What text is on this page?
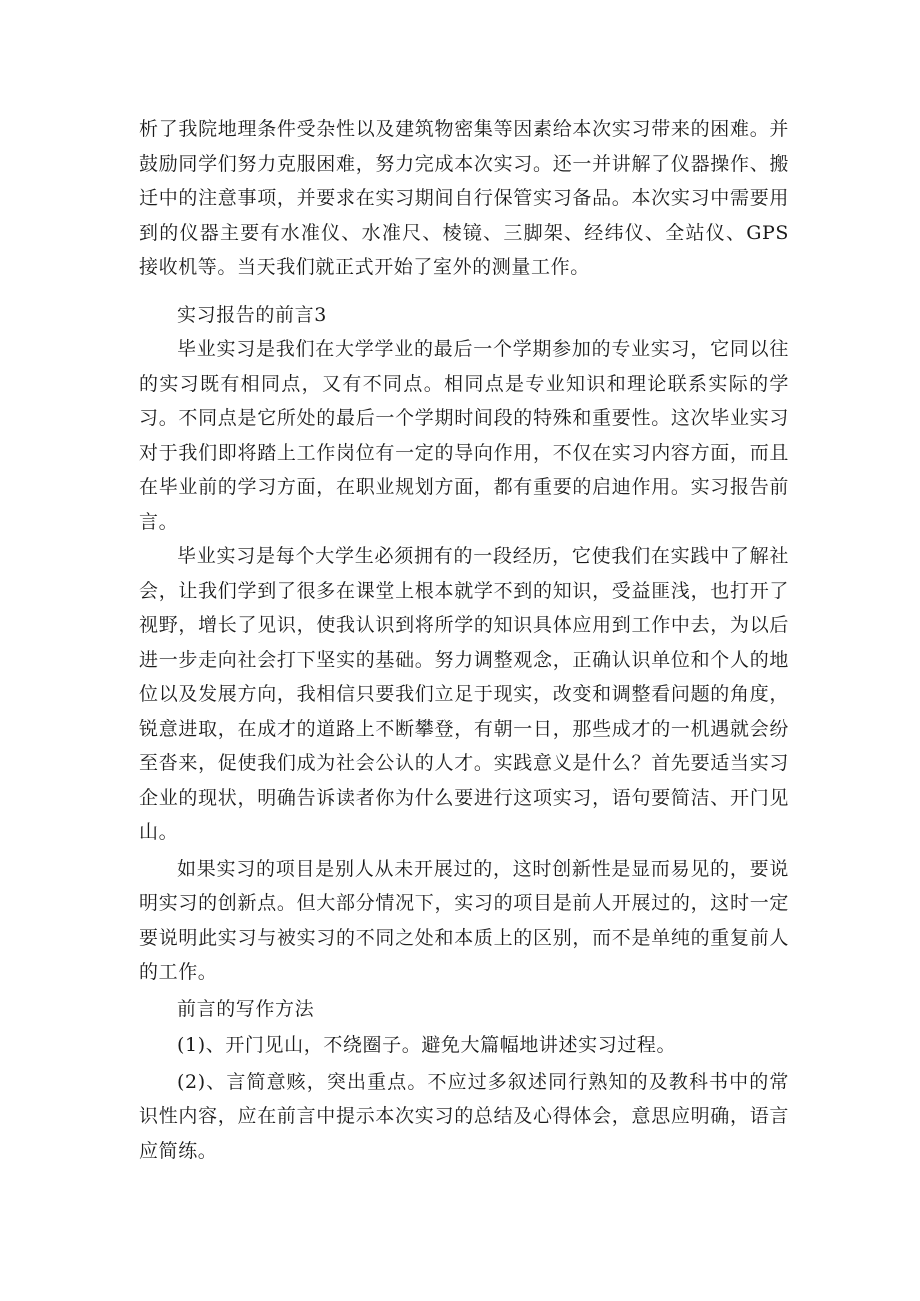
析了我院地理条件受杂性以及建筑物密集等因素给本次实习带来的困难。并鼓励同学们努力克服困难，努力完成本次实习。还一并讲解了仪器操作、搬迁中的注意事项，并要求在实习期间自行保管实习备品。本次实习中需要用到的仪器主要有水准仪、水准尺、棱镜、三脚架、经纬仪、全站仪、GPS接收机等。当天我们就正式开始了室外的测量工作。

实习报告的前言3

毕业实习是我们在大学学业的最后一个学期参加的专业实习，它同以往的实习既有相同点，又有不同点。相同点是专业知识和理论联系实际的学习。不同点是它所处的最后一个学期时间段的特殊和重要性。这次毕业实习对于我们即将踏上工作岗位有一定的导向作用，不仅在实习内容方面，而且在毕业前的学习方面，在职业规划方面，都有重要的启迪作用。实习报告前言。

毕业实习是每个大学生必须拥有的一段经历，它使我们在实践中了解社会，让我们学到了很多在课堂上根本就学不到的知识，受益匪浅，也打开了视野，增长了见识，使我认识到将所学的知识具体应用到工作中去，为以后进一步走向社会打下坚实的基础。努力调整观念，正确认识单位和个人的地位以及发展方向，我相信只要我们立足于现实，改变和调整看问题的角度，锐意进取，在成才的道路上不断攀登，有朝一日，那些成才的一机遇就会纷至沓来，促使我们成为社会公认的人才。实践意义是什么？首先要适当实习企业的现状，明确告诉读者你为什么要进行这项实习，语句要简洁、开门见山。

如果实习的项目是别人从未开展过的，这时创新性是显而易见的，要说明实习的创新点。但大部分情况下，实习的项目是前人开展过的，这时一定要说明此实习与被实习的不同之处和本质上的区别，而不是单纯的重复前人的工作。

前言的写作方法

(1)、开门见山，不绕圈子。避免大篇幅地讲述实习过程。

(2)、言简意赅，突出重点。不应过多叙述同行熟知的及教科书中的常识性内容，应在前言中提示本次实习的总结及心得体会，意思应明确，语言应简练。
